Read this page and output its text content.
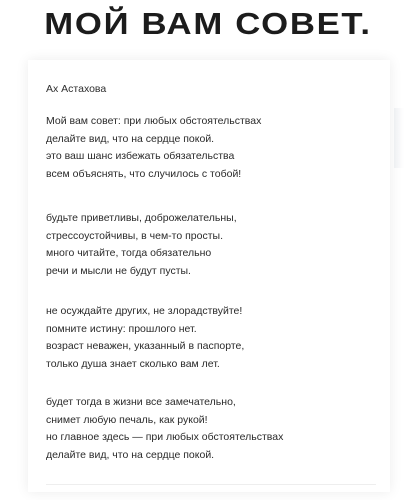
МОЙ ВАМ СОВЕТ.
Ах Астахова
Мой вам совет: при любых обстоятельствах
делайте вид, что на сердце покой.
это ваш шанс избежать обязательства
всем объяснять, что случилось с тобой!
будьте приветливы, доброжелательны,
стрессоустойчивы, в чем-то просты.
много читайте, тогда обязательно
речи и мысли не будут пусты.
не осуждайте других, не злорадствуйте!
помните истину: прошлого нет.
возраст неважен, указанный в паспорте,
только душа знает сколько вам лет.
будет тогда в жизни все замечательно,
снимет любую печаль, как рукой!
но главное здесь — при любых обстоятельствах
делайте вид, что на сердце покой.
